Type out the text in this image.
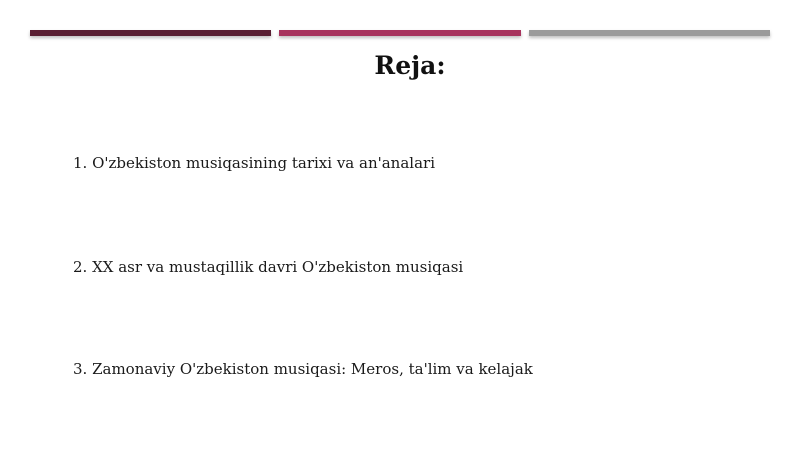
Reja:
1. O'zbekiston musiqasining tarixi va an'analari
2. XX asr va mustaqillik davri O'zbekiston musiqasi
3. Zamonaviy O'zbekiston musiqasi: Meros, ta'lim va kelajak
